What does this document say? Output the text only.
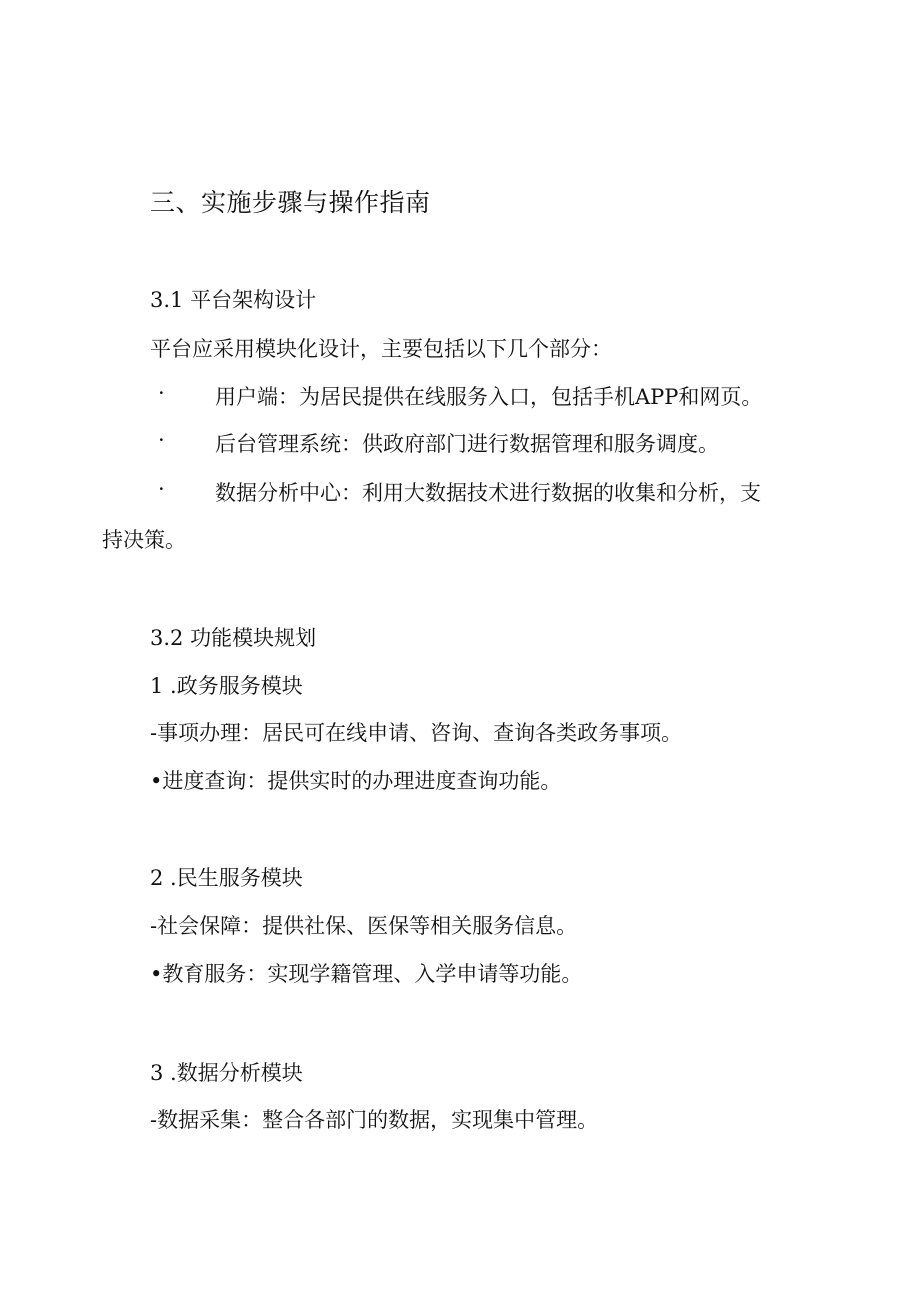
三、实施步骤与操作指南
3.1 平台架构设计
平台应采用模块化设计，主要包括以下几个部分：
· 用户端：为居民提供在线服务入口，包括手机APP和网页。
· 后台管理系统：供政府部门进行数据管理和服务调度。
· 数据分析中心：利用大数据技术进行数据的收集和分析，支
持决策。
3.2 功能模块规划
1 .政务服务模块
-事项办理：居民可在线申请、咨询、查询各类政务事项。
•进度查询：提供实时的办理进度查询功能。
2 .民生服务模块
-社会保障：提供社保、医保等相关服务信息。
•教育服务：实现学籍管理、入学申请等功能。
3 .数据分析模块
-数据采集：整合各部门的数据，实现集中管理。
